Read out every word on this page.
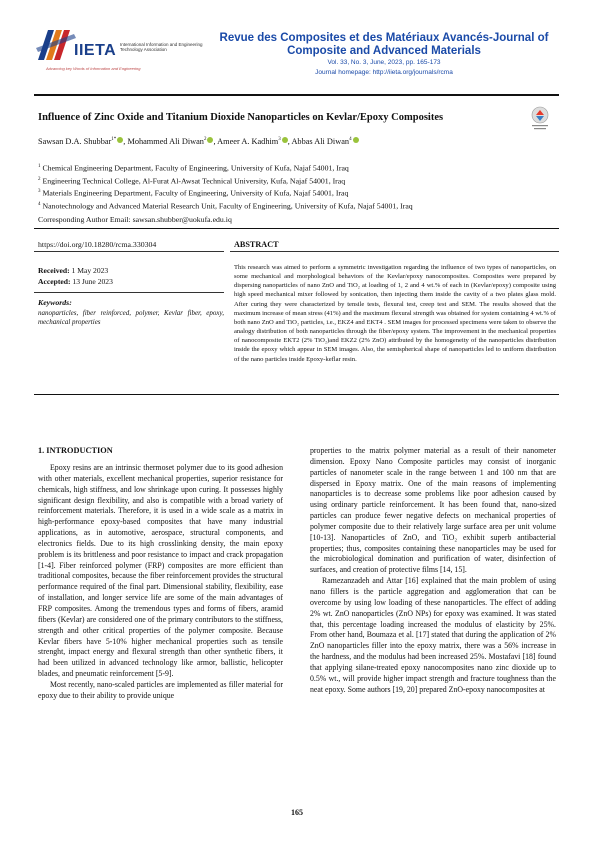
IIETA International Information and Engineering Technology Association
Advancing key Words of Information and Engineering
Revue des Composites et des Matériaux Avancés-Journal of Composite and Advanced Materials
Vol. 33, No. 3, June, 2023, pp. 165-173
Journal homepage: http://iieta.org/journals/rcma
Influence of Zinc Oxide and Titanium Dioxide Nanoparticles on Kevlar/Epoxy Composites
Sawsan D.A. Shubbar$^{1*}$ , Mohammed Ali Diwan$^2$ , Ameer A. Kadhim$^3$ , Abbas Ali Diwan$^4$
$^1$ Chemical Engineering Department, Faculty of Engineering, University of Kufa, Najaf 54001, Iraq
$^2$ Engineering Technical College, Al-Furat Al-Awsat Technical University, Kufa, Najaf 54001, Iraq
$^3$ Materials Engineering Department, Faculty of Engineering, University of Kufa, Najaf 54001, Iraq
$^4$ Nanotechnology and Advanced Material Research Unit, Faculty of Engineering, University of Kufa, Najaf 54001, Iraq
Corresponding Author Email: sawsan.shubber@uokufa.edu.iq
https://doi.org/10.18280/rcma.330304
Received: 1 May 2023
Accepted: 13 June 2023
Keywords:
nanoparticles, fiber reinforced, polymer, Kevlar fiber, epoxy, mechanical properties
ABSTRACT
This research was aimed to perform a symmetric investigation regarding the influence of two types of nanoparticles, on some mechanical and morphological behaviors of the Kevlar/epoxy nanocomposites. Composites were prepared by dispersing nanoparticles of nano ZnO and TiO₂ at loading of 1, 2 and 4 wt.% of each in (Kevlar/epoxy) composite using high speed mechanical mixer followed by sonication, then injecting them inside the cavity of a two plates glass mold. After curing they were characterized by tensile tests, flexural test, creep test and SEM. The results showed that the maximum increase of mean stress (41%) and the maximum flexural strength was obtained for system containing 4 wt.% of both nano ZnO and TiO₂ particles, i.e., EKZ4 and EKT4 . SEM images for processed specimens were taken to observe the analogy distribution of both nanoparticles through the fiber/epoxy system. The improvement in the mechanical properties of nanocomposite EKT2 (2% TiO₂)and EKZ2 (2% ZnO) attributed by the homogeneity of the nanoparticles distribution inside the epoxy which appear in SEM images. Also, the semispherical shape of nanoparticles led to uniform distribution of the nano particles inside Epoxy-keflar resin.
1. INTRODUCTION

Epoxy resins are an intrinsic thermoset polymer due to its good adhesion with other materials, excellent mechanical properties, superior resistance for chemicals, high stiffness, and low shrinkage upon curing. It possesses highly significant design flexibility, and also is compatible with a broad variety of reinforcement materials. Therefore, it is used in a wide scale as a matrix in high-performance epoxy-based composites that have many industrial applications, as in automotive, aerospace, structural components, and electronics fields. Due to its high crosslinking density, the main epoxy problem is its brittleness and poor resistance to impact and crack propagation [1-4]. Fiber reinforced polymer (FRP) composites are more efficient than traditional composites, because the fiber reinforcement provides the structural performance required of the final part. Dimensional stability, flexibility, ease of installation, and longer service life are some of the main advantages of FRP composites. Among the tremendous types and forms of fibers, aramid fibers (Kevlar) are considered one of the primary contributors to the stiffness, strength and other critical properties of the polymer composite. Because Kevlar fibers have 5-10% higher mechanical properties such as tensile strenght, impact energy and flexural strength than other synthetic fibers, it had been utilized in advanced technology like armor, ballistic, helicopter blades, and pneumatic reinforcement [5-9].

Most recently, nano-scaled particles are implemented as filler material for epoxy due to their ability to provide unique

properties to the matrix polymer material as a result of their nanometer dimension. Epoxy Nano Composite particles may consist of inorganic particles of nanometer scale in the range between 1 and 100 nm that are dispersed in Epoxy matrix. One of the main reasons of implementing nanoparticles is to decrease some problems like poor adhesion caused by using ordinary particle reinforcement. It has been found that, nano-sized particles can produce fewer negative defects on mechanical properties of polymer composite due to their relatively large surface area per unit volume [10-13]. Nanoparticles of ZnO, and TiO₂ exhibit superb antibacterial properties; thus, composites containing these nanoparticles may be used for the microbiological domination and purification of water, disinfection of surfaces, and creation of protective films [14, 15].

Ramezanzadeh and Attar [16] explained that the main problem of using nano fillers is the particle aggregation and agglomeration that can be overcome by using low loading of these nanoparticles. The effect of adding 2% wt. ZnO nanoparticles (ZnO NPs) for epoxy was examined. It was stated that, this percentage loading increased the modulus of elasticity by 25%. From other hand, Boumaza et al. [17] stated that during the application of 2% ZnO nanoparticles filler into the epoxy matrix, there was a 56% increase in the hardness, and the modulus had been increased 25%. Mostafavi [18] found that applying silane-treated epoxy nanocomposites nano zinc dioxide up to 0.5% wt., will provide higher impact strength and fracture toughness than the neat epoxy. Some authors [19, 20] prepared ZnO-epoxy nanocomposites at

165
